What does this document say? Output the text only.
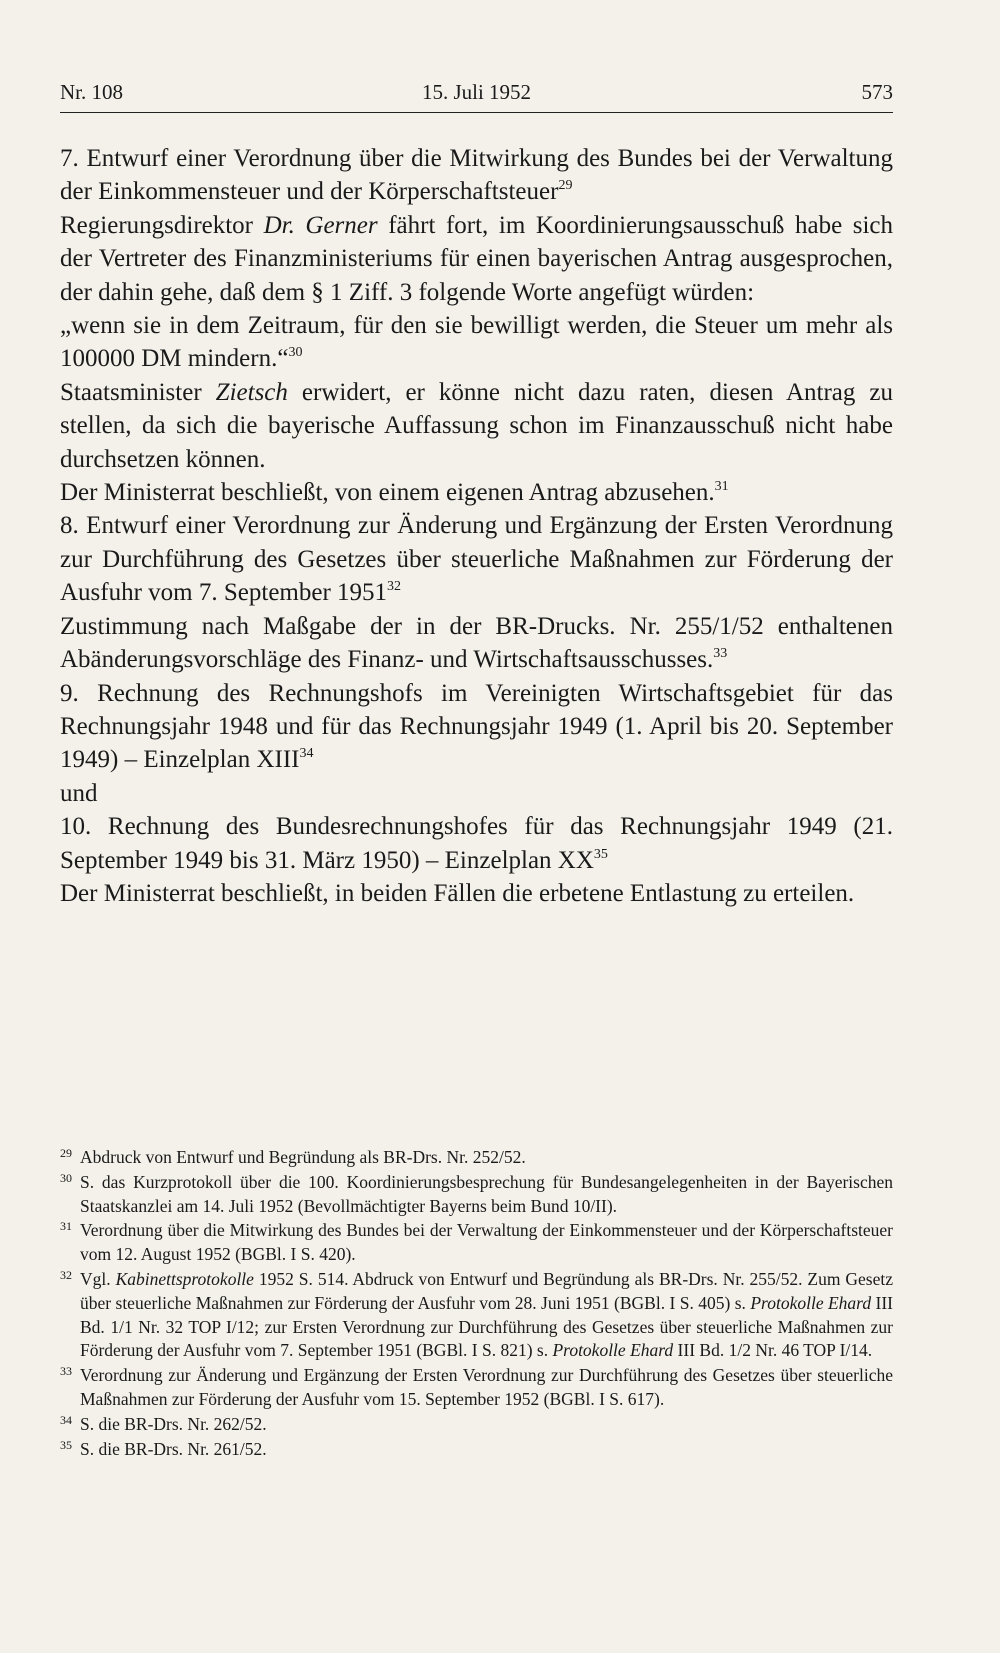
Nr. 108	15. Juli 1952	573

7. Entwurf einer Verordnung über die Mitwirkung des Bundes bei der Verwaltung der Einkommensteuer und der Körperschaftsteuer$^{29}$

Regierungsdirektor Dr. Gerner fährt fort, im Koordinierungsausschuß habe sich der Vertreter des Finanzministeriums für einen bayerischen Antrag ausgesprochen, der dahin gehe, daß dem § 1 Ziff. 3 folgende Worte angefügt würden:

„wenn sie in dem Zeitraum, für den sie bewilligt werden, die Steuer um mehr als 100000 DM mindern.“$^{30}$

Staatsminister Zietsch erwidert, er könne nicht dazu raten, diesen Antrag zu stellen, da sich die bayerische Auffassung schon im Finanzausschuß nicht habe durchsetzen können.

Der Ministerrat beschließt, von einem eigenen Antrag abzusehen.$^{31}$

8. Entwurf einer Verordnung zur Änderung und Ergänzung der Ersten Verordnung zur Durchführung des Gesetzes über steuerliche Maßnahmen zur Förderung der Ausfuhr vom 7. September 1951$^{32}$

Zustimmung nach Maßgabe der in der BR-Drucks. Nr. 255/1/52 enthaltenen Abänderungsvorschläge des Finanz- und Wirtschaftsausschusses.$^{33}$

9. Rechnung des Rechnungshofs im Vereinigten Wirtschaftsgebiet für das Rechnungsjahr 1948 und für das Rechnungsjahr 1949 (1. April bis 20. September 1949) – Einzelplan XIII$^{34}$

und

10. Rechnung des Bundesrechnungshofes für das Rechnungsjahr 1949 (21. September 1949 bis 31. März 1950) – Einzelplan XX$^{35}$

Der Ministerrat beschließt, in beiden Fällen die erbetene Entlastung zu erteilen.

29 Abdruck von Entwurf und Begründung als BR-Drs. Nr. 252/52.

30 S. das Kurzprotokoll über die 100. Koordinierungsbesprechung für Bundesangelegenheiten in der Bayerischen Staatskanzlei am 14. Juli 1952 (Bevollmächtigter Bayerns beim Bund 10/II).

31 Verordnung über die Mitwirkung des Bundes bei der Verwaltung der Einkommensteuer und der Körperschaftsteuer vom 12. August 1952 (BGBl. I S. 420).

32 Vgl. Kabinettsprotokolle 1952 S. 514. Abdruck von Entwurf und Begründung als BR-Drs. Nr. 255/52. Zum Gesetz über steuerliche Maßnahmen zur Förderung der Ausfuhr vom 28. Juni 1951 (BGBl. I S. 405) s. Protokolle Ehard III Bd. 1/1 Nr. 32 TOP I/12; zur Ersten Verordnung zur Durchführung des Gesetzes über steuerliche Maßnahmen zur Förderung der Ausfuhr vom 7. September 1951 (BGBl. I S. 821) s. Protokolle Ehard III Bd. 1/2 Nr. 46 TOP I/14.

33 Verordnung zur Änderung und Ergänzung der Ersten Verordnung zur Durchführung des Gesetzes über steuerliche Maßnahmen zur Förderung der Ausfuhr vom 15. September 1952 (BGBl. I S. 617).

34 S. die BR-Drs. Nr. 262/52.

35 S. die BR-Drs. Nr. 261/52.
